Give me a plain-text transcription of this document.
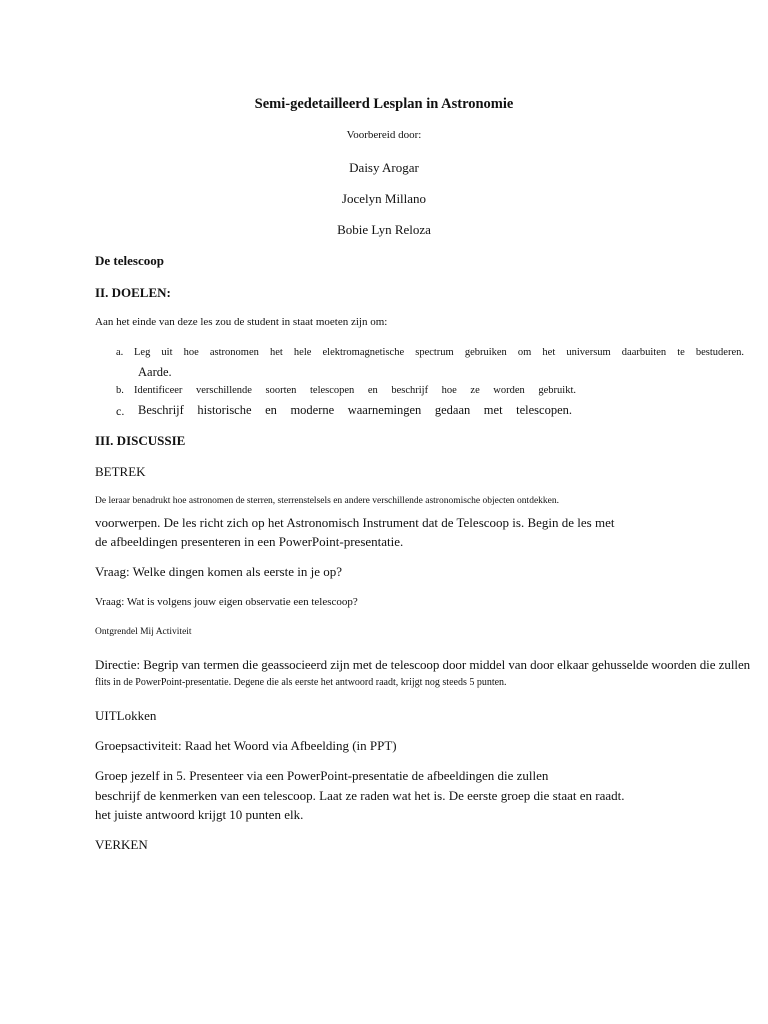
Semi-gedetailleerd Lesplan in Astronomie
Voorbereid door:
Daisy Arogar
Jocelyn Millano
Bobie Lyn Reloza
De telescoop
II. DOELEN:
Aan het einde van deze les zou de student in staat moeten zijn om:
a. Leg uit hoe astronomen het hele elektromagnetische spectrum gebruiken om het universum daarbuiten te bestuderen.
Aarde.
b. Identificeer verschillende soorten telescopen en beschrijf hoe ze worden gebruikt.
c. Beschrijf historische en moderne waarnemingen gedaan met telescopen.
III. DISCUSSIE
BETREK
De leraar benadrukt hoe astronomen de sterren, sterrenstelsels en andere verschillende astronomische objecten ontdekken.
voorwerpen. De les richt zich op het Astronomisch Instrument dat de Telescoop is. Begin de les met
de afbeeldingen presenteren in een PowerPoint-presentatie.
Vraag: Welke dingen komen als eerste in je op?
Vraag: Wat is volgens jouw eigen observatie een telescoop?
Ontgrendel Mij Activiteit
Directie: Begrip van termen die geassocieerd zijn met de telescoop door middel van door elkaar gehusselde woorden die zullen
flits in de PowerPoint-presentatie. Degene die als eerste het antwoord raadt, krijgt nog steeds 5 punten.
UITLokken
Groepsactiviteit: Raad het Woord via Afbeelding (in PPT)
Groep jezelf in 5. Presenteer via een PowerPoint-presentatie de afbeeldingen die zullen
beschrijf de kenmerken van een telescoop. Laat ze raden wat het is. De eerste groep die staat en raadt.
het juiste antwoord krijgt 10 punten elk.
VERKEN
